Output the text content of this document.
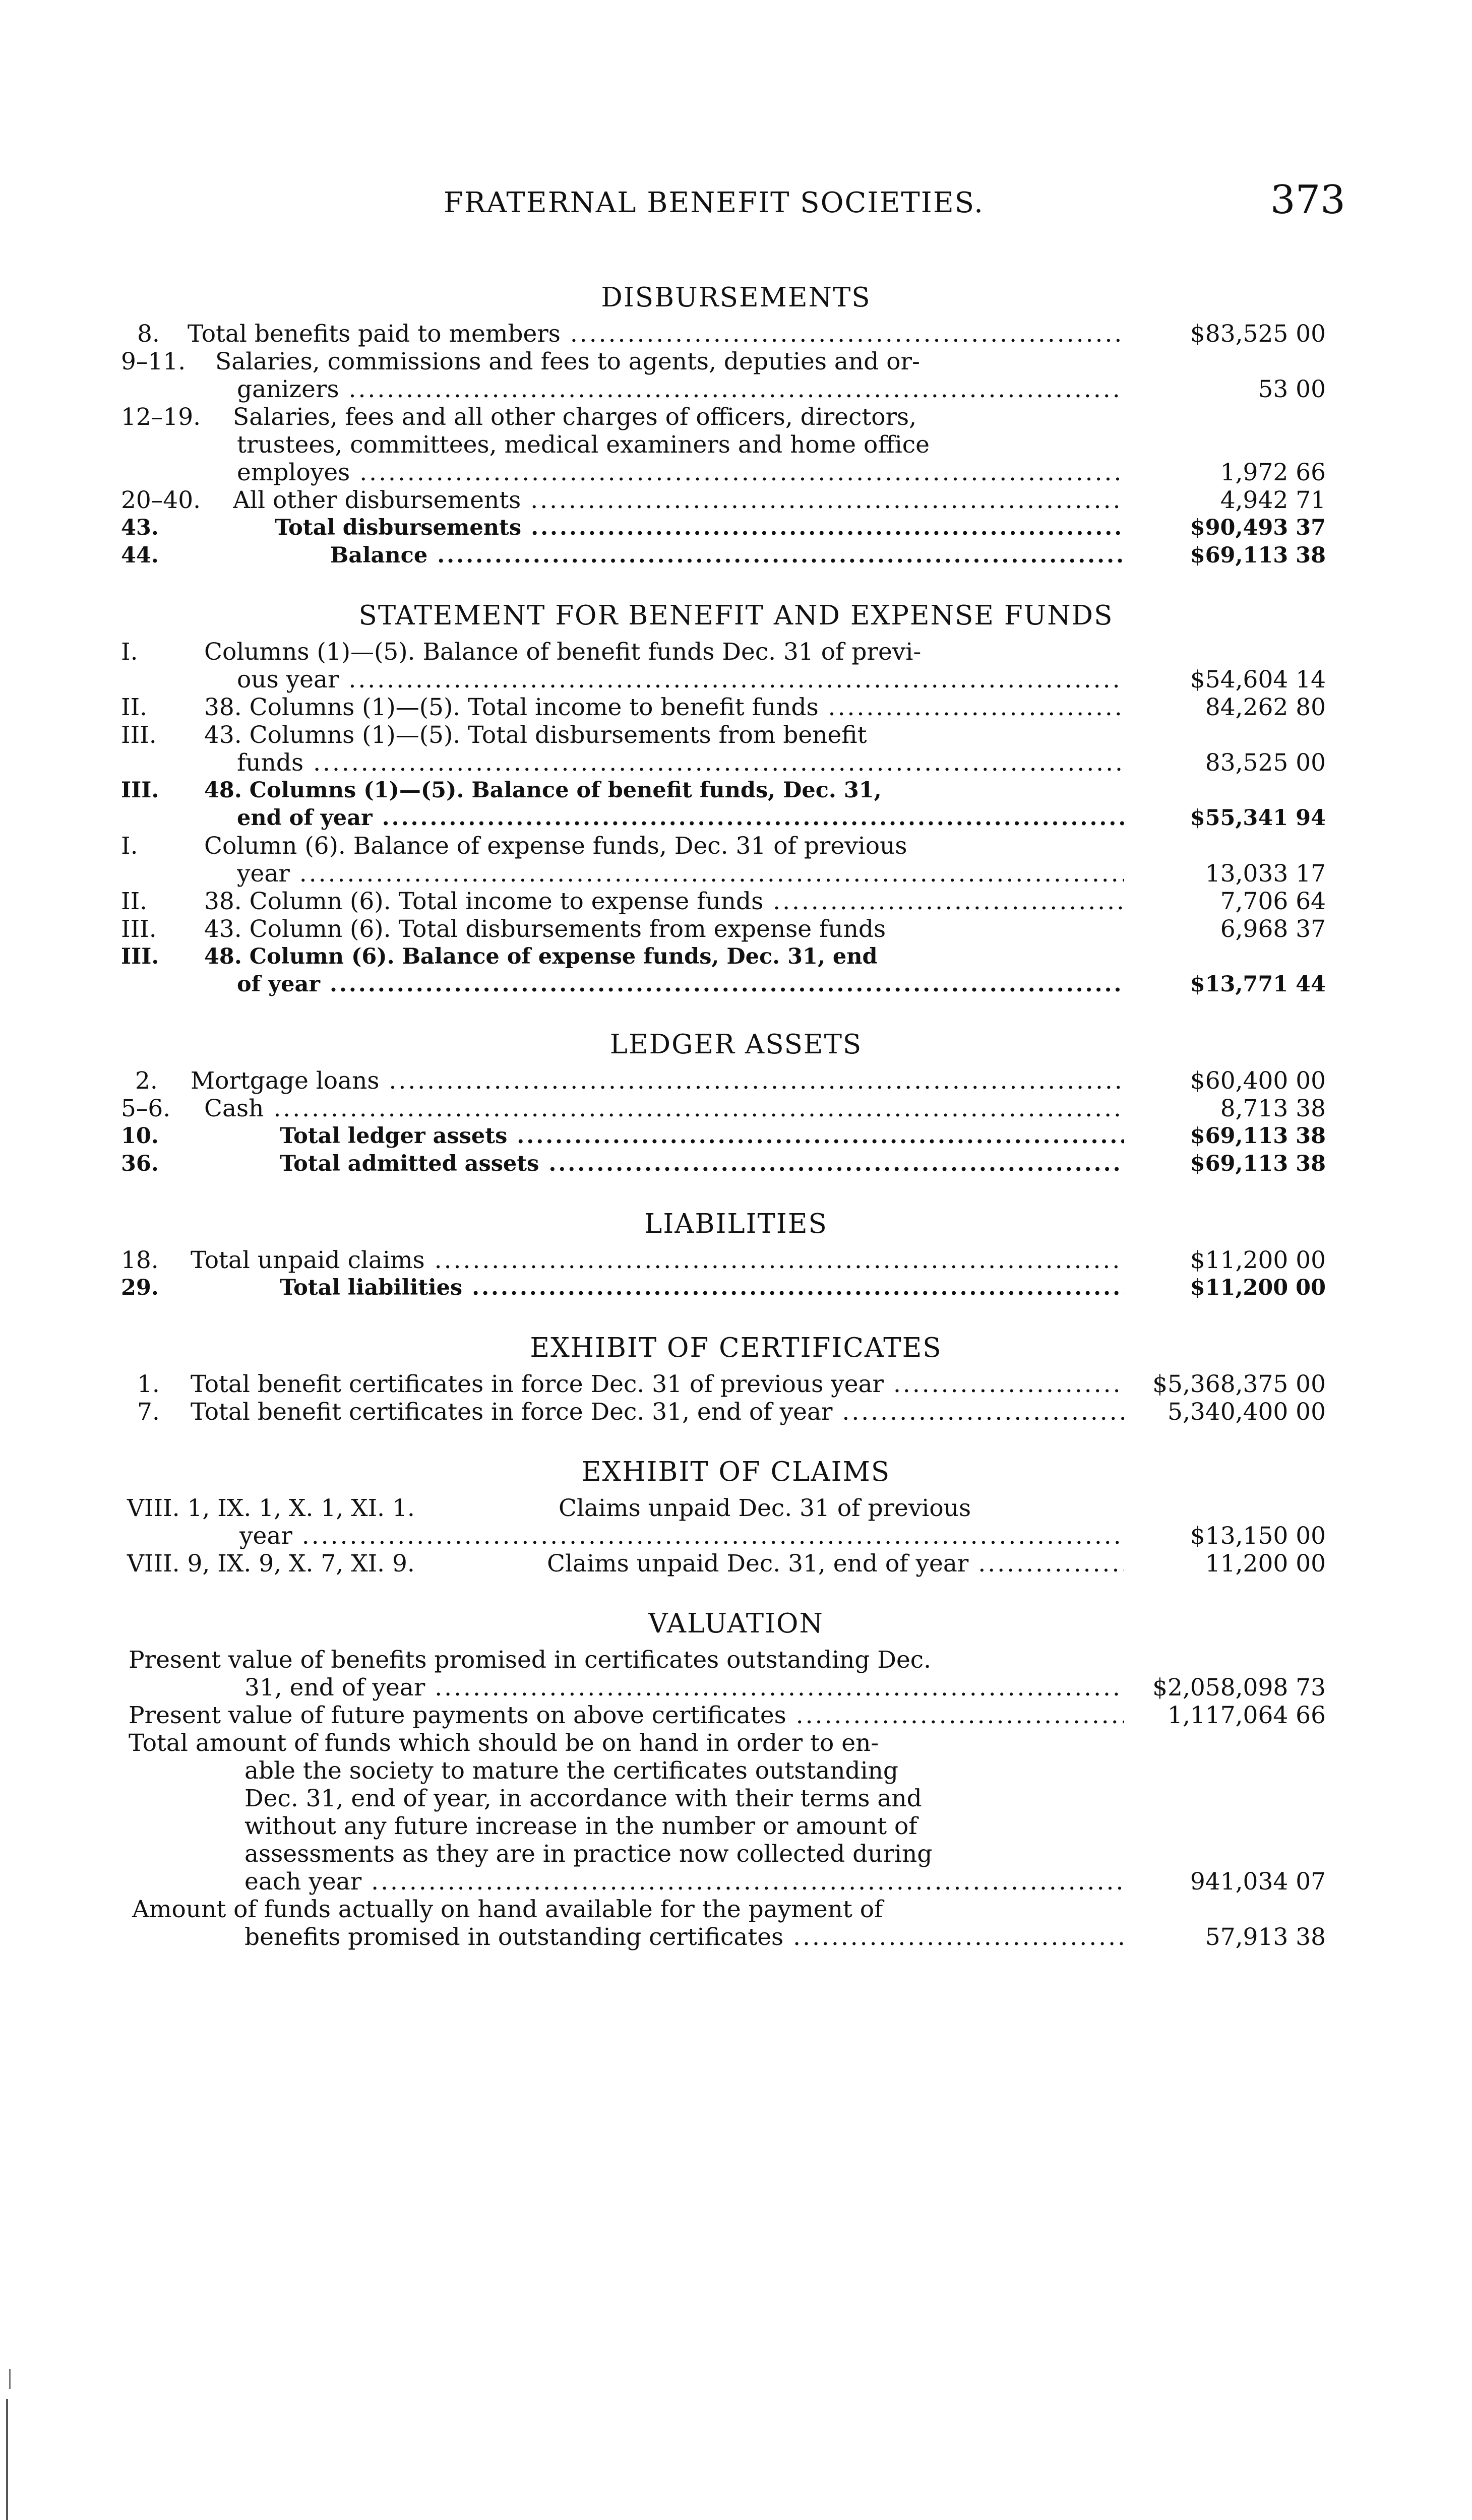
FRATERNAL BENEFIT SOCIETIES.	373
DISBURSEMENTS
8. Total benefits paid to members .....	$83,525 00
9–11. Salaries, commissions and fees to agents, deputies and or-
ganizers .....	53 00
12–19. Salaries, fees and all other charges of officers, directors,
trustees, committees, medical examiners and home office
employes .....	1,972 66
20–40. All other disbursements .....	4,942 71
43.	Total disbursements .....	$90,493 37
44.	Balance .....	$69,113 38
STATEMENT FOR BENEFIT AND EXPENSE FUNDS
I.	Columns (1)—(5). Balance of benefit funds Dec. 31 of previ-
ous year .....	$54,604 14
II. 38. Columns (1)—(5). Total income to benefit funds .....	84,262 80
III. 43. Columns (1)—(5). Total disbursements from benefit
funds .....	83,525 00
III. 48. Columns (1)—(5). Balance of benefit funds, Dec. 31,
end of year .....	$55,341 94
I.	Column (6). Balance of expense funds, Dec. 31 of previous
year .....	13,033 17
II. 38. Column (6). Total income to expense funds .....	7,706 64
III. 43. Column (6). Total disbursements from expense funds	6,968 37
III. 48. Column (6). Balance of expense funds, Dec. 31, end
of year .....	$13,771 44
LEDGER ASSETS
2. Mortgage loans .....	$60,400 00
5–6. Cash .....	8,713 38
10.	Total ledger assets .....	$69,113 38
36.	Total admitted assets .....	$69,113 38
LIABILITIES
18. Total unpaid claims .....	$11,200 00
29.	Total liabilities .....	$11,200 00
EXHIBIT OF CERTIFICATES
1. Total benefit certificates in force Dec. 31 of previous year .....	$5,368,375 00
7. Total benefit certificates in force Dec. 31, end of year .....	5,340,400 00
EXHIBIT OF CLAIMS
VIII. 1, IX. 1, X. 1, XI. 1.	Claims unpaid Dec. 31 of previous
year .....	$13,150 00
VIII. 9, IX. 9, X. 7, XI. 9.	Claims unpaid Dec. 31, end of year .....	11,200 00
VALUATION
Present value of benefits promised in certificates outstanding Dec.
31, end of year .....	$2,058,098 73
Present value of future payments on above certificates .....	1,117,064 66
Total amount of funds which should be on hand in order to en-
able the society to mature the certificates outstanding
Dec. 31, end of year, in accordance with their terms and
without any future increase in the number or amount of
assessments as they are in practice now collected during
each year .....	941,034 07
Amount of funds actually on hand available for the payment of
benefits promised in outstanding certificates .....	57,913 38
